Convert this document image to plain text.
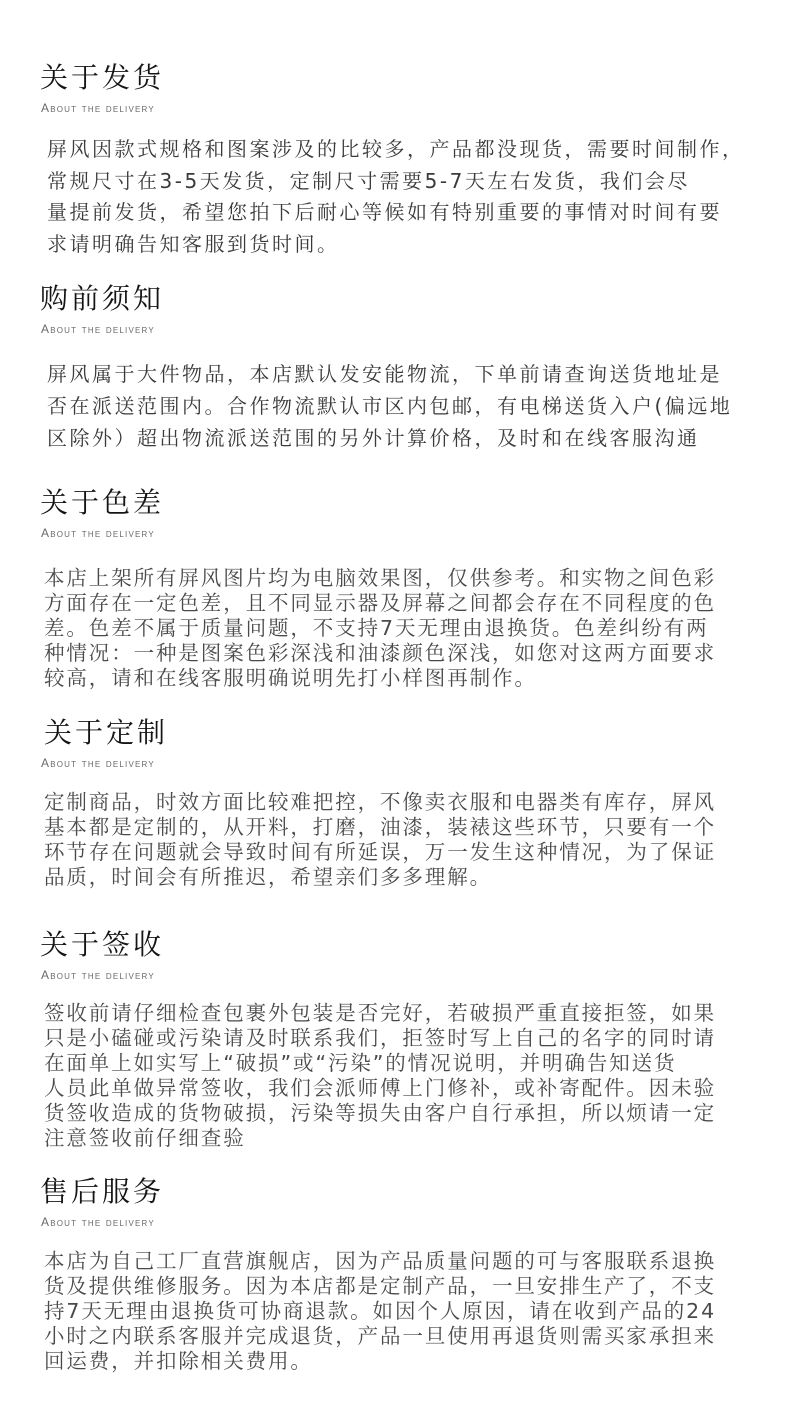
关于发货
About the delivery
屏风因款式规格和图案涉及的比较多，产品都没现货，需要时间制作，
常规尺寸在3-5天发货，定制尺寸需要5-7天左右发货，我们会尽
量提前发货，希望您拍下后耐心等候如有特别重要的事情对时间有要
求请明确告知客服到货时间。
购前须知
About the delivery
屏风属于大件物品，本店默认发安能物流，下单前请查询送货地址是
否在派送范围内。合作物流默认市区内包邮，有电梯送货入户(偏远地
区除外）超出物流派送范围的另外计算价格，及时和在线客服沟通
关于色差
About the delivery
本店上架所有屏风图片均为电脑效果图，仅供参考。和实物之间色彩
方面存在一定色差，且不同显示器及屏幕之间都会存在不同程度的色
差。色差不属于质量问题，不支持7天无理由退换货。色差纠纷有两
种情况：一种是图案色彩深浅和油漆颜色深浅，如您对这两方面要求
较高，请和在线客服明确说明先打小样图再制作。
关于定制
About the delivery
定制商品，时效方面比较难把控，不像卖衣服和电器类有库存，屏风
基本都是定制的，从开料，打磨，油漆，装裱这些环节，只要有一个
环节存在问题就会导致时间有所延误，万一发生这种情况，为了保证
品质，时间会有所推迟，希望亲们多多理解。
关于签收
About the delivery
签收前请仔细检查包裹外包装是否完好，若破损严重直接拒签，如果
只是小磕碰或污染请及时联系我们，拒签时写上自己的名字的同时请
在面单上如实写上“破损”或“污染”的情况说明，并明确告知送货
人员此单做异常签收，我们会派师傅上门修补，或补寄配件。因未验
货签收造成的货物破损，污染等损失由客户自行承担，所以烦请一定
注意签收前仔细查验
售后服务
About the delivery
本店为自己工厂直营旗舰店，因为产品质量问题的可与客服联系退换
货及提供维修服务。因为本店都是定制产品，一旦安排生产了，不支
持7天无理由退换货可协商退款。如因个人原因，请在收到产品的24
小时之内联系客服并完成退货，产品一旦使用再退货则需买家承担来
回运费，并扣除相关费用。
